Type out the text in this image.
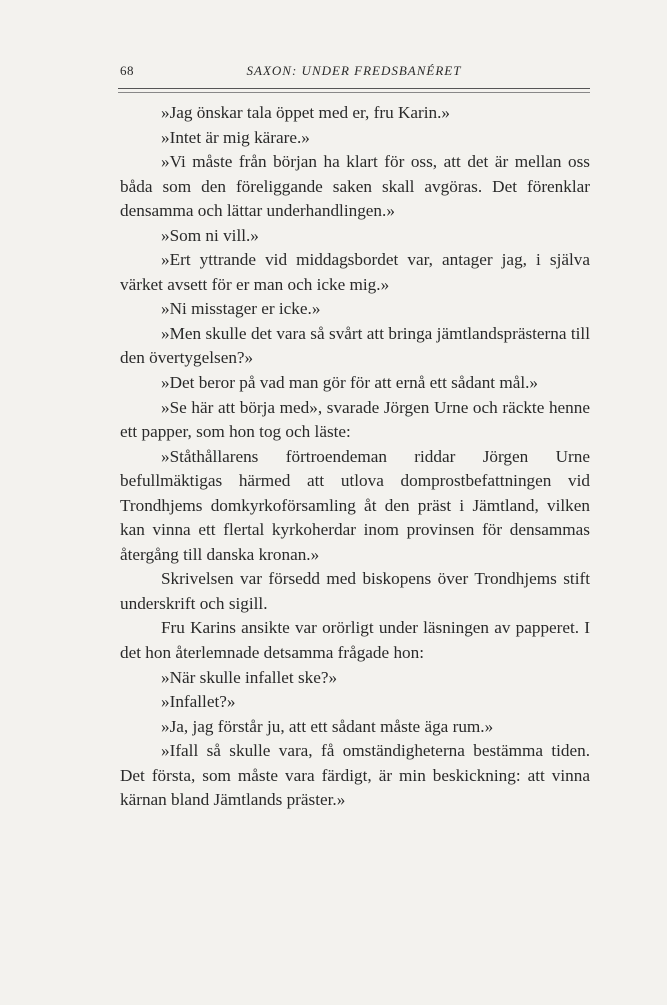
68	SAXON: UNDER FREDSBANÉRET

»Jag önskar tala öppet med er, fru Karin.»

»Intet är mig kärare.»

»Vi måste från början ha klart för oss, att det är mellan oss båda som den föreliggande saken skall avgöras. Det förenklar densamma och lättar underhandlingen.»

»Som ni vill.»

»Ert yttrande vid middagsbordet var, antager jag, i själva värket avsett för er man och icke mig.»

»Ni misstager er icke.»

»Men skulle det vara så svårt att bringa jämtlandsprästerna till den övertygelsen?»

»Det beror på vad man gör för att ernå ett sådant mål.»

»Se här att börja med», svarade Jörgen Urne och räckte henne ett papper, som hon tog och läste:

»Ståthållarens förtroendeman riddar Jörgen Urne befullmäktigas härmed att utlova domprostbefattningen vid Trondhjems domkyrkoförsamling åt den präst i Jämtland, vilken kan vinna ett flertal kyrkoherdar inom provinsen för densammas återgång till danska kronan.»

Skrivelsen var försedd med biskopens över Trondhjems stift underskrift och sigill.

Fru Karins ansikte var orörligt under läsningen av papperet. I det hon återlemnade detsamma frågade hon:

»När skulle infallet ske?»

»Infallet?»

»Ja, jag förstår ju, att ett sådant måste äga rum.»

»Ifall så skulle vara, få omständigheterna bestämma tiden. Det första, som måste vara färdigt, är min beskickning: att vinna kärnan bland Jämtlands präster.»
